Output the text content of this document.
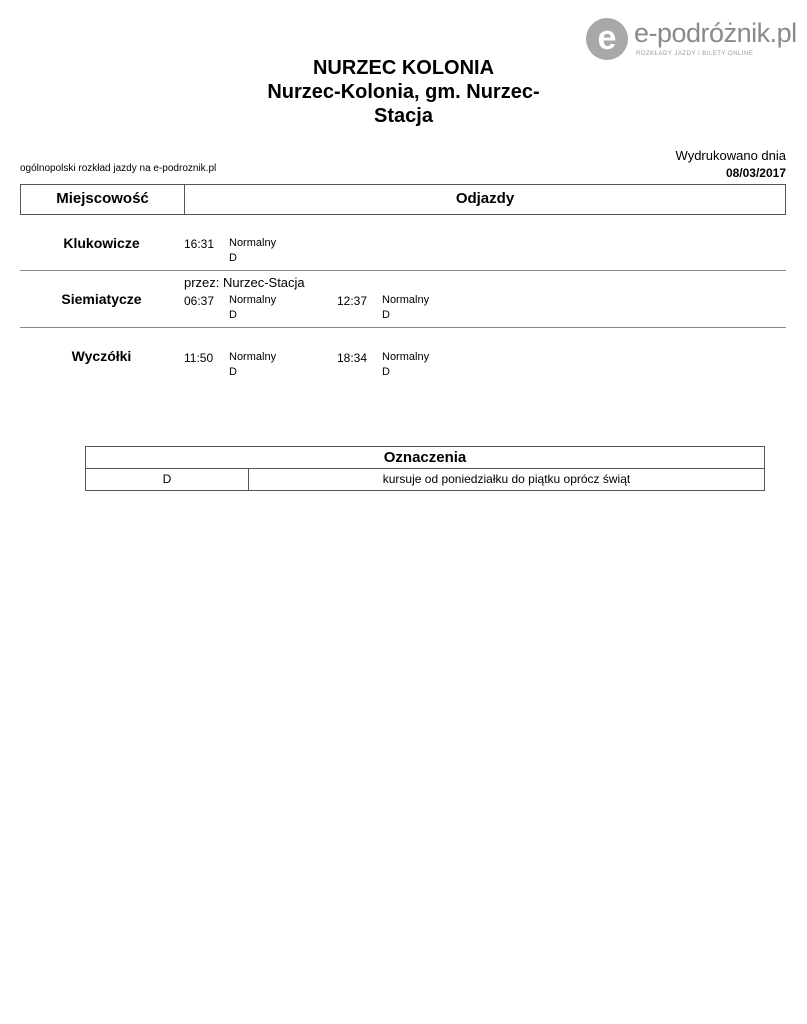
e e-podróżnik.pl
ROZKŁADY JAZDY / BILETY ONLINE
NURZEC KOLONIA
Nurzec-Kolonia, gm. Nurzec-
Stacja
ogólnopolski rozkład jazdy na e-podroznik.pl
Wydrukowano dnia
08/03/2017
Miejscowość	Odjazdy
Klukowicze	16:31 Normalny
D
przez: Nurzec-Stacja
Siemiatycze	06:37 Normalny
D
12:37 Normalny
D
Wyczółki	11:50 Normalny
D
18:34 Normalny
D
Oznaczenia
D	kursuje od poniedziałku do piątku oprócz świąt
